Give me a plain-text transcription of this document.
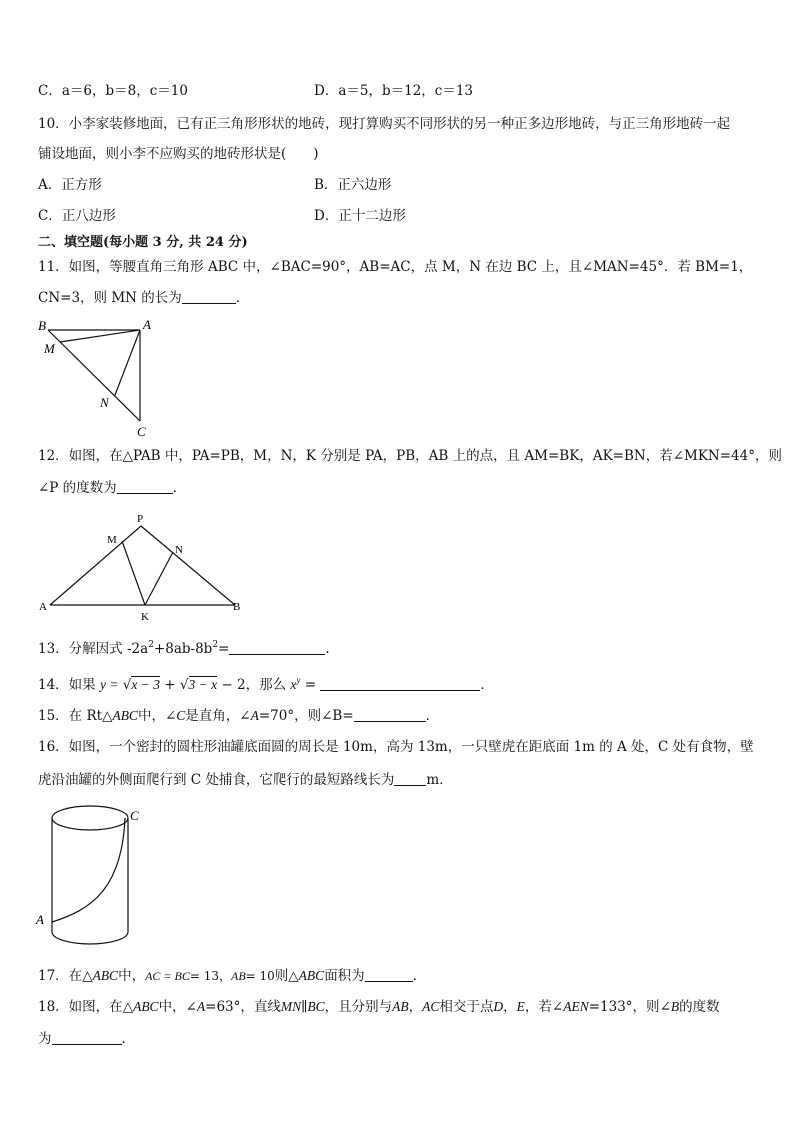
C．a＝6，b＝8，c＝10	D．a＝5，b＝12，c＝13
10．小李家装修地面，已有正三角形形状的地砖，现打算购买不同形状的另一种正多边形地砖，与正三角形地砖一起
铺设地面，则小李不应购买的地砖形状是(　　)
A．正方形	B．正六边形
C．正八边形	D．正十二边形
二、填空题(每小题 3 分, 共 24 分)
11．如图，等腰直角三角形 ABC 中，∠BAC=90°，AB=AC，点 M，N 在边 BC 上，且∠MAN=45°．若 BM=1，
CN=3，则 MN 的长为	．
B	A
M
N
C
12．如图，在△PAB 中，PA=PB，M，N，K 分别是 PA，PB，AB 上的点，且 AM=BK，AK=BN，若∠MKN=44°，则
∠P 的度数为	．
P
M
N
A
K
B
13．分解因式 $-2a^2+8ab-8b^2=$	.
14．如果 y = √x − 3 + √3 − x − 2，那么 $x^y$ =	．
15．在 Rt△ABC中，∠C是直角，∠A=70°，则∠B=	．
16．如图，一个密封的圆柱形油罐底面圆的周长是 10m，高为 13m，一只壁虎在距底面 1m 的 A 处，C 处有食物，壁
虎沿油罐的外侧面爬行到 C 处捕食，它爬行的最短路线长为 m．
C
A
17．在△ABC中，AC = BC= 13，AB= 10则△ABC面积为	．
18．如图，在△ABC中，∠A=63°，直线MN∥BC，且分别与AB，AC相交于点D，E，若∠AEN=133°，则∠B的度数
为	.
